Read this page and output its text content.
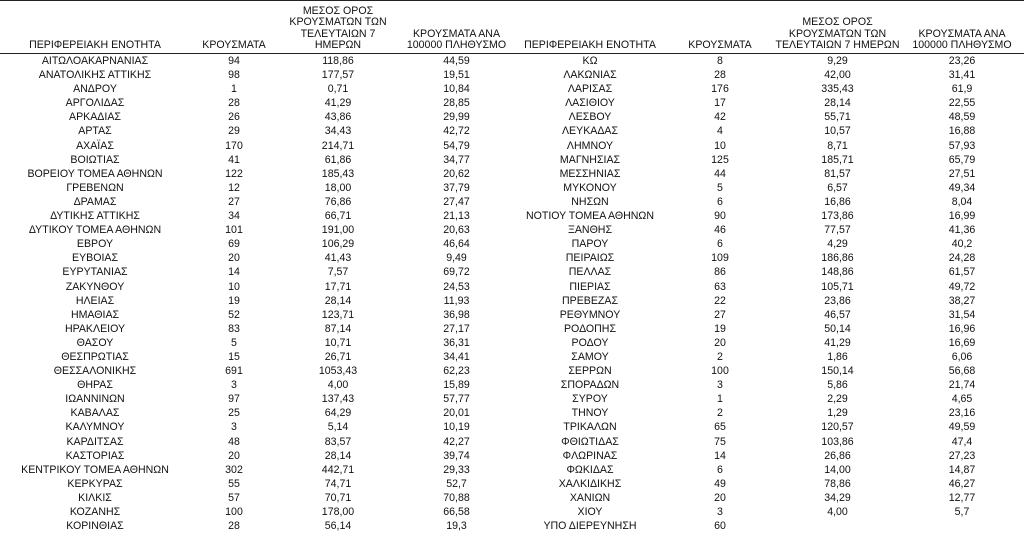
ΠΕΡΙΦΕΡΕΙΑΚΗ ΕΝΟΤΗΤΑ	ΚΡΟΥΣΜΑΤΑ	ΜΕΣΟΣ ΟΡΟΣ ΚΡΟΥΣΜΑΤΩΝ ΤΩΝ ΤΕΛΕΥΤΑΙΩΝ 7 ΗΜΕΡΩΝ	ΚΡΟΥΣΜΑΤΑ ΑΝΑ 100000 ΠΛΗΘΥΣΜΟ
ΑΙΤΩΛΟΑΚΑΡΝΑΝΙΑΣ	94	118,86	44,59
ΑΝΑΤΟΛΙΚΗΣ ΑΤΤΙΚΗΣ	98	177,57	19,51
ΑΝΔΡΟΥ	1	0,71	10,84
ΑΡΓΟΛΙΔΑΣ	28	41,29	28,85
ΑΡΚΑΔΙΑΣ	26	43,86	29,99
ΑΡΤΑΣ	29	34,43	42,72
ΑΧΑΪΑΣ	170	214,71	54,79
ΒΟΙΩΤΙΑΣ	41	61,86	34,77
ΒΟΡΕΙΟΥ ΤΟΜΕΑ ΑΘΗΝΩΝ	122	185,43	20,62
ΓΡΕΒΕΝΩΝ	12	18,00	37,79
ΔΡΑΜΑΣ	27	76,86	27,47
ΔΥΤΙΚΗΣ ΑΤΤΙΚΗΣ	34	66,71	21,13
ΔΥΤΙΚΟΥ ΤΟΜΕΑ ΑΘΗΝΩΝ	101	191,00	20,63
ΕΒΡΟΥ	69	106,29	46,64
ΕΥΒΟΙΑΣ	20	41,43	9,49
ΕΥΡΥΤΑΝΙΑΣ	14	7,57	69,72
ΖΑΚΥΝΘΟΥ	10	17,71	24,53
ΗΛΕΙΑΣ	19	28,14	11,93
ΗΜΑΘΙΑΣ	52	123,71	36,98
ΗΡΑΚΛΕΙΟΥ	83	87,14	27,17
ΘΑΣΟΥ	5	10,71	36,31
ΘΕΣΠΡΩΤΙΑΣ	15	26,71	34,41
ΘΕΣΣΑΛΟΝΙΚΗΣ	691	1053,43	62,23
ΘΗΡΑΣ	3	4,00	15,89
ΙΩΑΝΝΙΝΩΝ	97	137,43	57,77
ΚΑΒΑΛΑΣ	25	64,29	20,01
ΚΑΛΥΜΝΟΥ	3	5,14	10,19
ΚΑΡΔΙΤΣΑΣ	48	83,57	42,27
ΚΑΣΤΟΡΙΑΣ	20	28,14	39,74
ΚΕΝΤΡΙΚΟΥ ΤΟΜΕΑ ΑΘΗΝΩΝ	302	442,71	29,33
ΚΕΡΚΥΡΑΣ	55	74,71	52,7
ΚΙΛΚΙΣ	57	70,71	70,88
ΚΟΖΑΝΗΣ	100	178,00	66,58
ΚΟΡΙΝΘΙΑΣ	28	56,14	19,3
ΠΕΡΙΦΕΡΕΙΑΚΗ ΕΝΟΤΗΤΑ	ΚΡΟΥΣΜΑΤΑ	ΜΕΣΟΣ ΟΡΟΣ ΚΡΟΥΣΜΑΤΩΝ ΤΩΝ ΤΕΛΕΥΤΑΙΩΝ 7 ΗΜΕΡΩΝ	ΚΡΟΥΣΜΑΤΑ ΑΝΑ 100000 ΠΛΗΘΥΣΜΟ
ΚΩ	8	9,29	23,26
ΛΑΚΩΝΙΑΣ	28	42,00	31,41
ΛΑΡΙΣΑΣ	176	335,43	61,9
ΛΑΣΙΘΙΟΥ	17	28,14	22,55
ΛΕΣΒΟΥ	42	55,71	48,59
ΛΕΥΚΑΔΑΣ	4	10,57	16,88
ΛΗΜΝΟΥ	10	8,71	57,93
ΜΑΓΝΗΣΙΑΣ	125	185,71	65,79
ΜΕΣΣΗΝΙΑΣ	44	81,57	27,51
ΜΥΚΟΝΟΥ	5	6,57	49,34
ΝΗΣΩΝ	6	16,86	8,04
ΝΟΤΙΟΥ ΤΟΜΕΑ ΑΘΗΝΩΝ	90	173,86	16,99
ΞΑΝΘΗΣ	46	77,57	41,36
ΠΑΡΟΥ	6	4,29	40,2
ΠΕΙΡΑΙΩΣ	109	186,86	24,28
ΠΕΛΛΑΣ	86	148,86	61,57
ΠΙΕΡΙΑΣ	63	105,71	49,72
ΠΡΕΒΕΖΑΣ	22	23,86	38,27
ΡΕΘΥΜΝΟΥ	27	46,57	31,54
ΡΟΔΟΠΗΣ	19	50,14	16,96
ΡΟΔΟΥ	20	41,29	16,69
ΣΑΜΟΥ	2	1,86	6,06
ΣΕΡΡΩΝ	100	150,14	56,68
ΣΠΟΡΑΔΩΝ	3	5,86	21,74
ΣΥΡΟΥ	1	2,29	4,65
ΤΗΝΟΥ	2	1,29	23,16
ΤΡΙΚΑΛΩΝ	65	120,57	49,59
ΦΘΙΩΤΙΔΑΣ	75	103,86	47,4
ΦΛΩΡΙΝΑΣ	14	26,86	27,23
ΦΩΚΙΔΑΣ	6	14,00	14,87
ΧΑΛΚΙΔΙΚΗΣ	49	78,86	46,27
ΧΑΝΙΩΝ	20	34,29	12,77
ΧΙΟΥ	3	4,00	5,7
ΥΠΟ ΔΙΕΡΕΥΝΗΣΗ	60		
